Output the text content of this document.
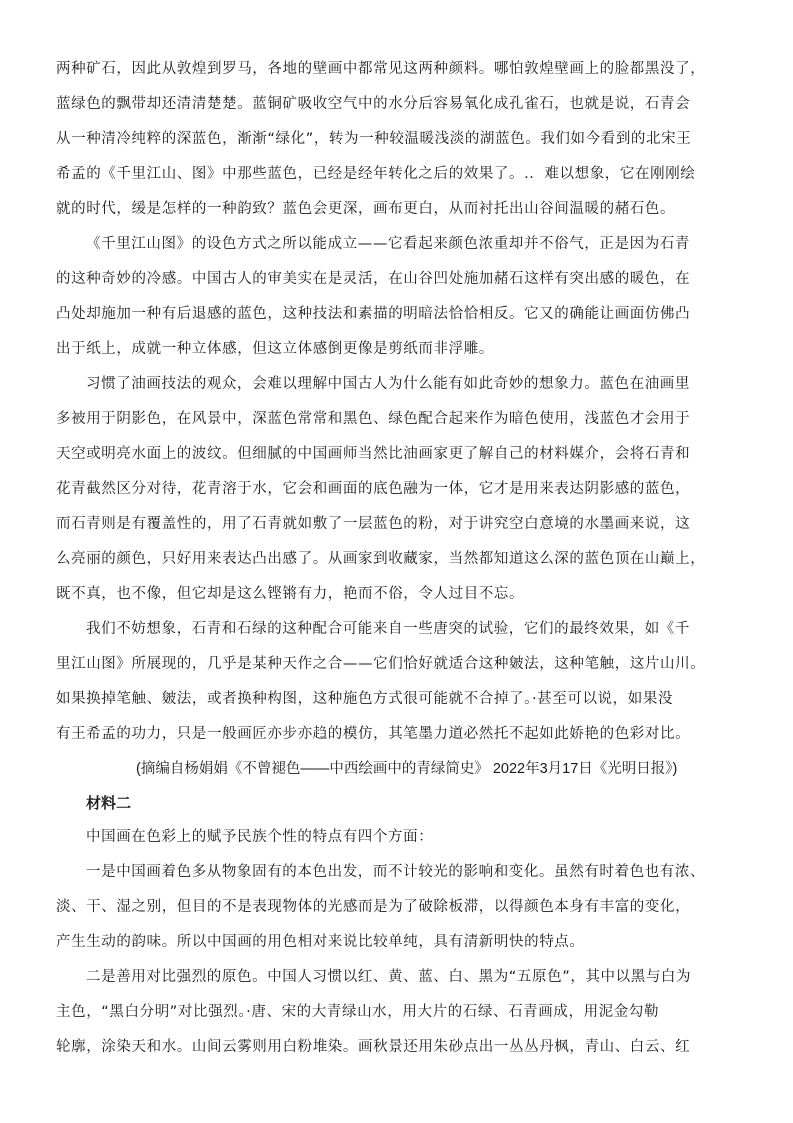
两种矿石，因此从敦煌到罗马，各地的壁画中都常见这两种颜料。哪怕敦煌壁画上的脸都黑没了，
蓝绿色的飘带却还清清楚楚。蓝铜矿吸收空气中的水分后容易氧化成孔雀石，也就是说，石青会
从一种清冷纯粹的深蓝色，渐渐“绿化”，转为一种较温暖浅淡的湖蓝色。我们如今看到的北宋王
希孟的《千里江山、图》中那些蓝色，已经是经年转化之后的效果了。.．难以想象，它在刚刚绘
就的时代，缓是怎样的一种韵致？蓝色会更深，画布更白，从而衬托出山谷间温暖的赭石色。
《千里江山图》的设色方式之所以能成立——它看起来颜色浓重却并不俗气，正是因为石青
的这种奇妙的冷感。中国古人的审美实在是灵活，在山谷凹处施加赭石这样有突出感的暖色，在
凸处却施加一种有后退感的蓝色，这种技法和素描的明暗法恰恰相反。它又的确能让画面仿佛凸
出于纸上，成就一种立体感，但这立体感倒更像是剪纸而非浮雕。
习惯了油画技法的观众，会难以理解中国古人为什么能有如此奇妙的想象力。蓝色在油画里
多被用于阴影色，在风景中，深蓝色常常和黑色、绿色配合起来作为暗色使用，浅蓝色才会用于
天空或明亮水面上的波纹。但细腻的中国画师当然比油画家更了解自己的材料媒介，会将石青和
花青截然区分对待，花青溶于水，它会和画面的底色融为一体，它才是用来表达阴影感的蓝色，
而石青则是有覆盖性的，用了石青就如敷了一层蓝色的粉，对于讲究空白意境的水墨画来说，这
么亮丽的颜色，只好用来表达凸出感了。从画家到收藏家，当然都知道这么深的蓝色顶在山巅上，
既不真，也不像，但它却是这么铿锵有力，艳而不俗，令人过目不忘。
我们不妨想象，石青和石绿的这种配合可能来自一些唐突的试验，它们的最终效果，如《千
里江山图》所展现的，几乎是某种天作之合——它们恰好就适合这种皴法，这种笔触，这片山川。
如果换掉笔触、皴法，或者换种构图，这种施色方式很可能就不合掉了。·甚至可以说，如果没
有王希孟的功力，只是一般画匠亦步亦趋的模仿，其笔墨力道必然托不起如此娇艳的色彩对比。
(摘编自杨娟娟《不曾褪色——中西绘画中的青绿简史》 2022年3月17日《光明日报》)
材料二
中国画在色彩上的赋予民族个性的特点有四个方面：
一是中国画着色多从物象固有的本色出发，而不计较光的影响和变化。虽然有时着色也有浓、
淡、干、湿之别，但目的不是表现物体的光感而是为了破除板滞，以得颜色本身有丰富的变化，
产生生动的韵味。所以中国画的用色相对来说比较单纯，具有清新明快的特点。
二是善用对比强烈的原色。中国人习惯以红、黄、蓝、白、黑为“五原色”，其中以黑与白为
主色，“黑白分明”对比强烈。·唐、宋的大青绿山水，用大片的石绿、石青画成，用泥金勾勒
轮廓，涂染天和水。山间云雾则用白粉堆染。画秋景还用朱砂点出一丛丛丹枫，青山、白云、红
